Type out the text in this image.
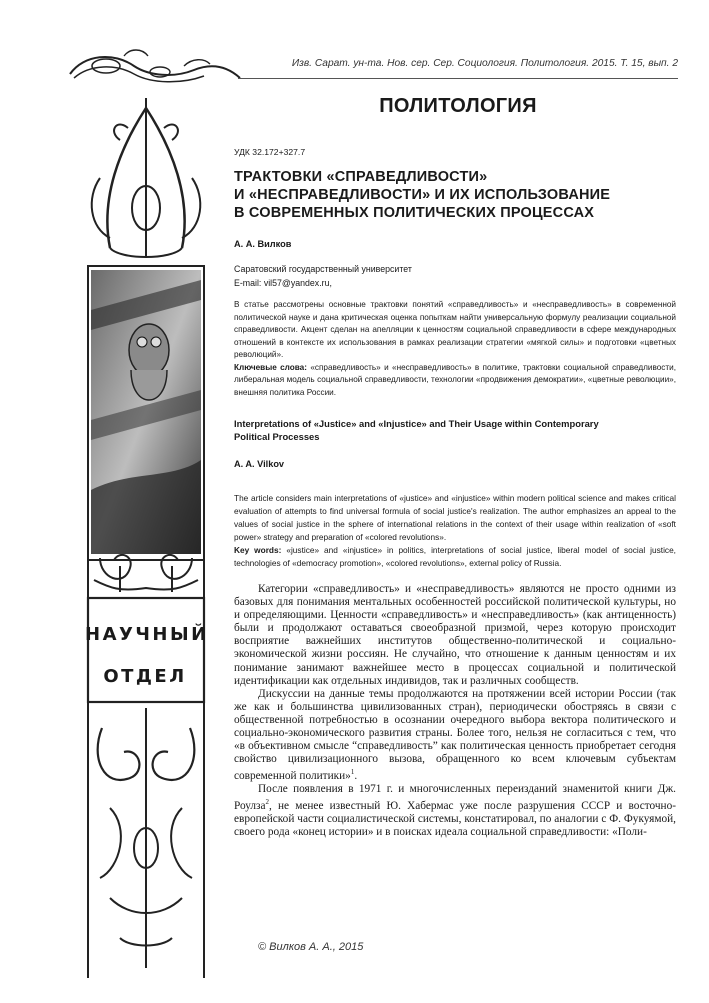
Изв. Сарат. ун-та. Нов. сер. Сер. Социология. Политология. 2015. Т. 15, вып. 2
НАУЧНЫЙ
ОТДЕЛ
ПОЛИТОЛОГИЯ
УДК 32.172+327.7
ТРАКТОВКИ «СПРАВЕДЛИВОСТИ»
И «НЕСПРАВЕДЛИВОСТИ» И ИХ ИСПОЛЬЗОВАНИЕ
В СОВРЕМЕННЫХ ПОЛИТИЧЕСКИХ ПРОЦЕССАХ
А. А. Вилков
Саратовский государственный университет
E-mail: vil57@yandex.ru,
В статье рассмотрены основные трактовки понятий «справедливость» и «несправедливость» в современной политической науке и дана критическая оценка попыткам найти универсальную формулу реализации социальной справедливости. Акцент сделан на апелляции к ценностям социальной справедливости в сфере международных отношений в контексте их использования в рамках реализации стратегии «мягкой силы» и подготовки «цветных революций».
Ключевые слова: «справедливость» и «несправедливость» в политике, трактовки социальной справедливости, либеральная модель социальной справедливости, технологии «продвижения демократии», «цветные революции», внешняя политика России.
Interpretations of «Justice» and «Injustice» and Their Usage within Contemporary
Political Processes
A. A. Vilkov
The article considers main interpretations of «justice» and «injustice» within modern political science and makes critical evaluation of attempts to find universal formula of social justice's realization. The author emphasizes an appeal to the values of social justice in the sphere of international relations in the context of their usage within realization of «soft power» strategy and preparation of «colored revolutions».
Key words: «justice» and «injustice» in politics, interpretations of social justice, liberal model of social justice, technologies of «democracy promotion», «colored revolutions», external policy of Russia.

Категории «справедливость» и «несправедливость» являются не просто одними из базовых для понимания ментальных особенностей российской политической культуры, но и определяющими. Ценности «справедливость» и «несправедливость» (как антиценность) были и продолжают оставаться своеобразной призмой, через которую происходит восприятие важнейших институтов общественно-политической и социально-экономической жизни россиян. Не случайно, что отношение к данным ценностям и их понимание занимают важнейшее место в процессах социальной и политической идентификации как отдельных индивидов, так и различных сообществ.

Дискуссии на данные темы продолжаются на протяжении всей истории России (так же как и большинства цивилизованных стран), периодически обостряясь в связи с общественной потребностью в осознании очередного выбора вектора политического и социально-экономического развития страны. Более того, нельзя не согласиться с тем, что «в объективном смысле “справедливость” как политическая ценность приобретает сегодня свойство цивилизационного вызова, обращенного ко всем ключевым субъектам современной политики»$^1$.

После появления в 1971 г. и многочисленных переизданий знаменитой книги Дж. Роулза$^2$, не менее известный Ю. Хабермас уже после разрушения СССР и восточно-европейской части социалистической системы, констатировал, по аналогии с Ф. Фукуямой, своего рода «конец истории» и в поисках идеала социальной справедливости: «Поли-

© Вилков А. А., 2015
